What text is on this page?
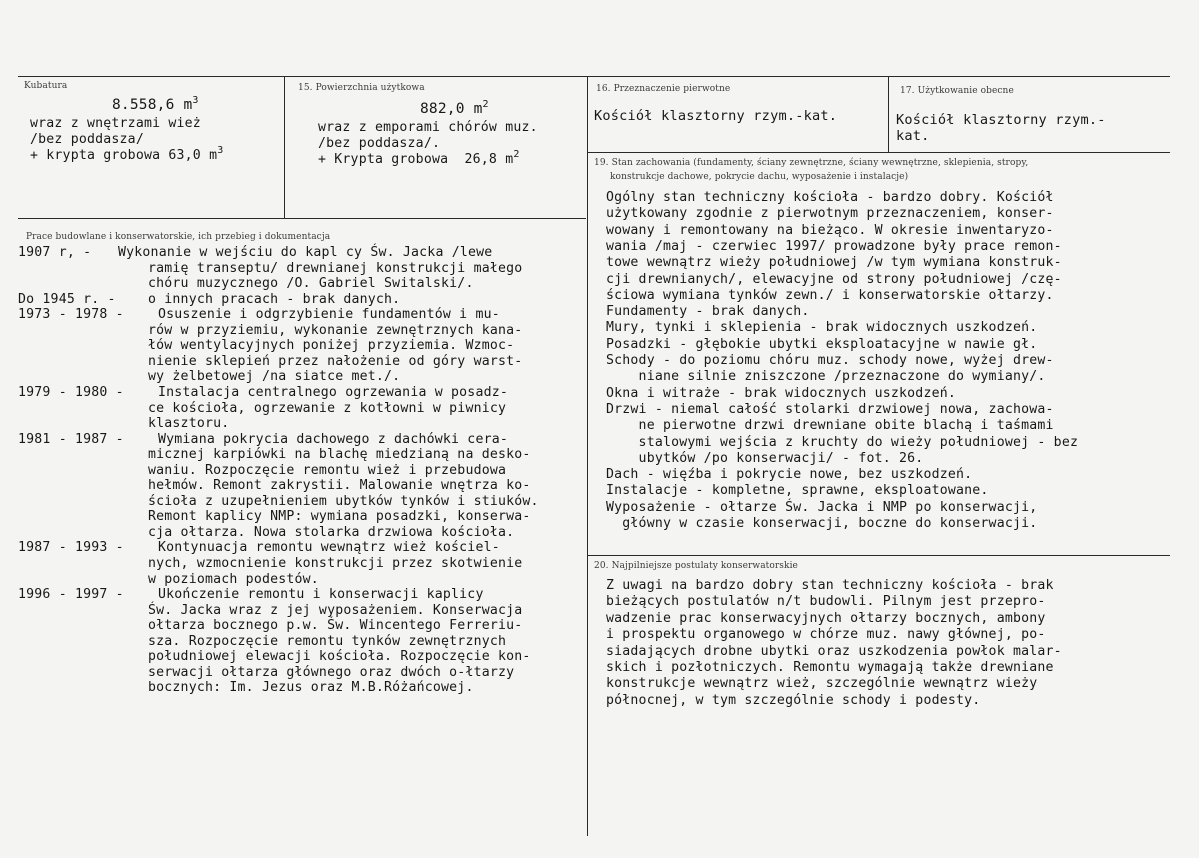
Kubatura
8.558,6 $m^3$
wraz z wnętrzami wież
/bez poddasza/
+ krypta grobowa 63,0 $m^3$
15. Powierzchnia użytkowa
882,0 $m^2$
wraz z emporami chórów muz.
/bez poddasza/.
+ Krypta grobowa  26,8 $m^2$
16. Przeznaczenie pierwotne
Kościół klasztorny rzym.-kat.
17. Użytkowanie obecne
Kościół klasztorny rzym.-
kat.
Prace budowlane i konserwatorskie, ich przebieg i dokumentacja
1907 r, - Wykonanie w wejściu do kapl cy Św. Jacka /lewe
ramię transeptu/ drewnianej konstrukcji małego
chóru muzycznego /O. Gabriel Switalski/.
Do 1945 r. - o innych pracach - brak danych.
1973 - 1978 -	Osuszenie i odgrzybienie fundamentów i mu-
rów w przyziemiu, wykonanie zewnętrznych kana-
łów wentylacyjnych poniżej przyziemia. Wzmoc-
nienie sklepień przez nałożenie od góry warst-
wy żelbetowej /na siatce met./.
1979 - 1980 -	Instalacja centralnego ogrzewania w posadz-
ce kościoła, ogrzewanie z kotłowni w piwnicy
klasztoru.
1981 - 1987 -	Wymiana pokrycia dachowego z dachówki cera-
micznej karpiówki na blachę miedzianą na desko-
waniu. Rozpoczęcie remontu wież i przebudowa
hełmów. Remont zakrystii. Malowanie wnętrza ko-
ścioła z uzupełnieniem ubytków tynków i stiuków.
Remont kaplicy NMP: wymiana posadzki, konserwa-
cja ołtarza. Nowa stolarka drzwiowa kościoła.
1987 - 1993 -	Kontynuacja remontu wewnątrz wież kościel-
nych, wzmocnienie konstrukcji przez skotwienie
w poziomach podestów.
1996 - 1997 -	Ukończenie remontu i konserwacji kaplicy
Św. Jacka wraz z jej wyposażeniem. Konserwacja
ołtarza bocznego p.w. Św. Wincentego Ferreriu-
sza. Rozpoczęcie remontu tynków zewnętrznych
południowej elewacji kościoła. Rozpoczęcie kon-
serwacji ołtarza głównego oraz dwóch o-łtarzy
bocznych: Im. Jezus oraz M.B.Różańcowej.
19. Stan zachowania (fundamenty, ściany zewnętrzne, ściany wewnętrzne, sklepienia, stropy,
konstrukcje dachowe, pokrycie dachu, wyposażenie i instalacje)
Ogólny stan techniczny kościoła - bardzo dobry. Kościół
użytkowany zgodnie z pierwotnym przeznaczeniem, konser-
wowany i remontowany na bieżąco. W okresie inwentaryzo-
wania /maj - czerwiec 1997/ prowadzone były prace remon-
towe wewnątrz wieży południowej /w tym wymiana konstruk-
cji drewnianych/, elewacyjne od strony południowej /czę-
ściowa wymiana tynków zewn./ i konserwatorskie ołtarzy.
Fundamenty - brak danych.
Mury, tynki i sklepienia - brak widocznych uszkodzeń.
Posadzki - głębokie ubytki eksploatacyjne w nawie gł.
Schody - do poziomu chóru muz. schody nowe, wyżej drew-
niane silnie zniszczone /przeznaczone do wymiany/.
Okna i witraże - brak widocznych uszkodzeń.
Drzwi - niemal całość stolarki drzwiowej nowa, zachowa-
ne pierwotne drzwi drewniane obite blachą i taśmami
stalowymi wejścia z kruchty do wieży południowej - bez
ubytków /po konserwacji/ - fot. 26.
Dach - więźba i pokrycie nowe, bez uszkodzeń.
Instalacje - kompletne, sprawne, eksploatowane.
Wyposażenie - ołtarze Św. Jacka i NMP po konserwacji,
główny w czasie konserwacji, boczne do konserwacji.
20. Najpilniejsze postulaty konserwatorskie
Z uwagi na bardzo dobry stan techniczny kościoła - brak
bieżących postulatów n/t budowli. Pilnym jest przepro-
wadzenie prac konserwacyjnych ołtarzy bocznych, ambony
i prospektu organowego w chórze muz. nawy głównej, po-
siadających drobne ubytki oraz uszkodzenia powłok malar-
skich i pozłotniczych. Remontu wymagają także drewniane
konstrukcje wewnątrz wież, szczególnie wewnątrz wieży
północnej, w tym szczególnie schody i podesty.
